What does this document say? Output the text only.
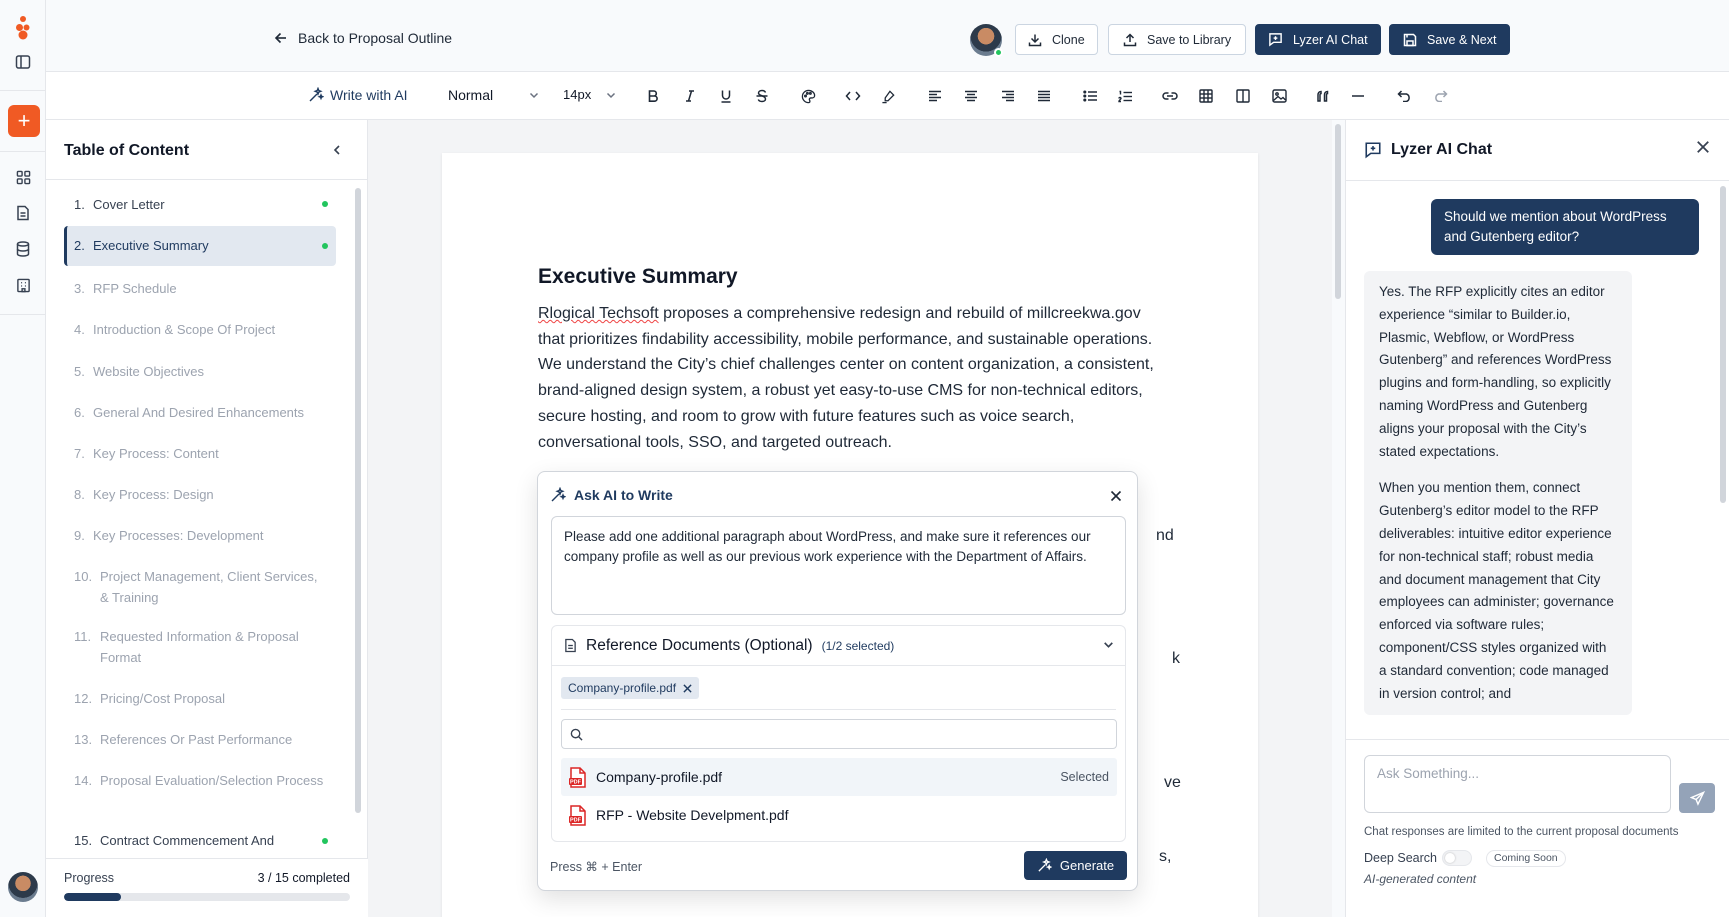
+
Back to Proposal Outline	Clone	Save to Library	Lyzer AI Chat	Save & Next
Write with AI	Normal	14px
Table of Content
1. Cover Letter
2. Executive Summary
3. RFP Schedule
4. Introduction & Scope Of Project
5. Website Objectives
6. General And Desired Enhancements
7. Key Process: Content
8. Key Process: Design
9. Key Processes: Development
10. Project Management, Client Services, & Training
11. Requested Information & Proposal Format
12. Pricing/Cost Proposal
13. References Or Past Performance
14. Proposal Evaluation/Selection Process
15. Contract Commencement And
Progress	3 / 15 completed
Executive Summary

Rlogical Techsoft proposes a comprehensive redesign and rebuild of millcreekwa.gov that prioritizes findability accessibility, mobile performance, and sustainable operations. We understand the City’s chief challenges center on content organization, a consistent, brand-aligned design system, a robust yet easy-to-use CMS for non-technical editors, secure hosting, and room to grow with future features such as voice search, conversational tools, SSO, and targeted outreach.

nd
k
ve
s,
Ask AI to Write
Please add one additional paragraph about WordPress, and make sure it references our company profile as well as our previous work experience with the Department of Affairs.
Reference Documents (Optional) (1/2 selected)
Company-profile.pdf
PDF Company-profile.pdf	Selected
PDF RFP - Website Develpment.pdf
Press ⌘ + Enter	Generate
Lyzer AI Chat
Should we mention about WordPress and Gutenberg editor?

Yes. The RFP explicitly cites an editor experience “similar to Builder.io, Plasmic, Webflow, or WordPress Gutenberg” and references WordPress plugins and form-handling, so explicitly naming WordPress and Gutenberg aligns your proposal with the City’s stated expectations.

When you mention them, connect Gutenberg’s editor model to the RFP deliverables: intuitive editor experience for non-technical staff; robust media and document management that City employees can administer; governance enforced via software rules; component/CSS styles organized with a standard convention; code managed in version control; and

Ask Something...
Chat responses are limited to the current proposal documents
Deep Search	Coming Soon
AI-generated content
